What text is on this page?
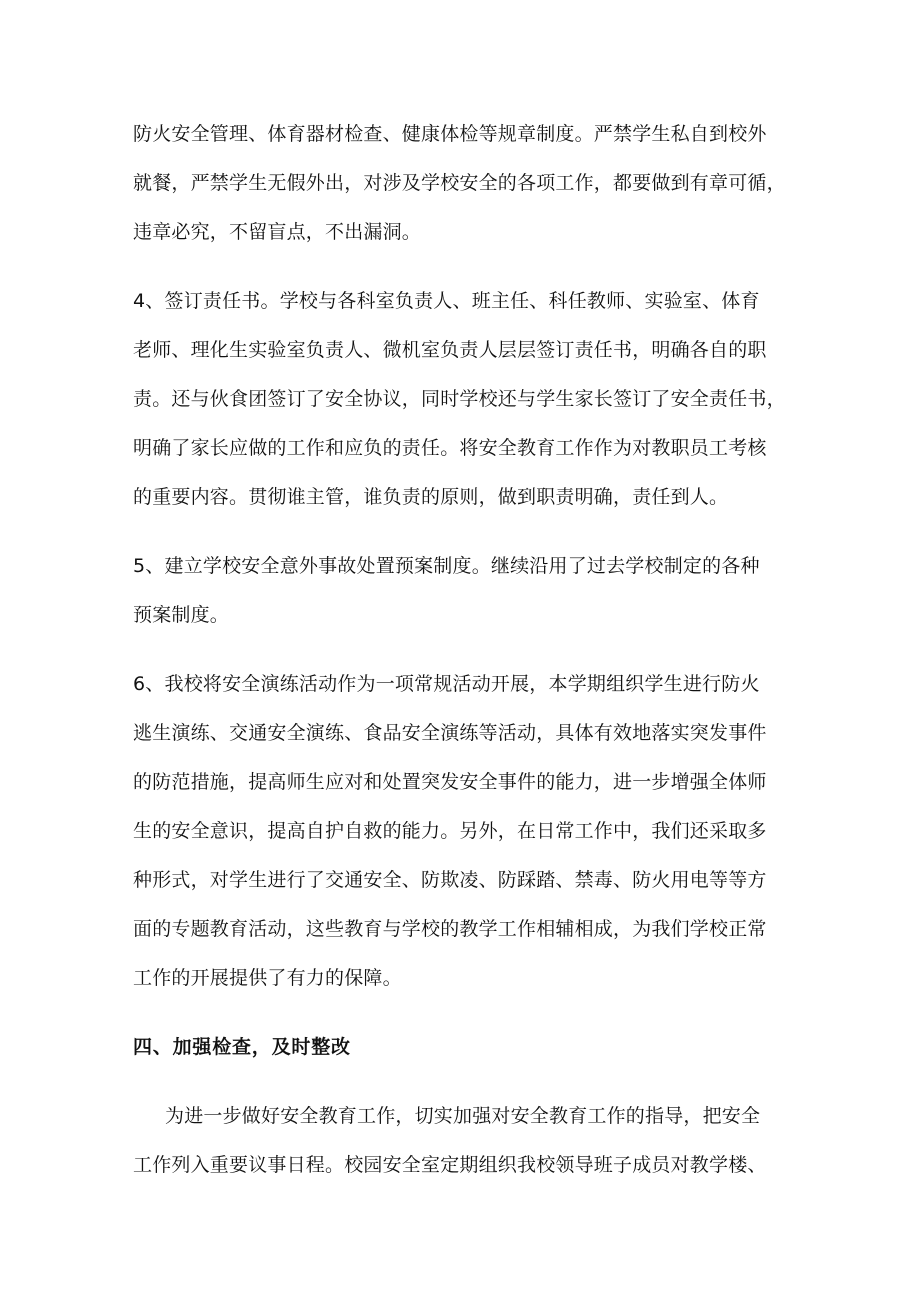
防火安全管理、体育器材检查、健康体检等规章制度。严禁学生私自到校外
就餐，严禁学生无假外出，对涉及学校安全的各项工作，都要做到有章可循，
违章必究，不留盲点，不出漏洞。
4、签订责任书。学校与各科室负责人、班主任、科任教师、实验室、体育
老师、理化生实验室负责人、微机室负责人层层签订责任书，明确各自的职
责。还与伙食团签订了安全协议，同时学校还与学生家长签订了安全责任书，
明确了家长应做的工作和应负的责任。将安全教育工作作为对教职员工考核
的重要内容。贯彻谁主管，谁负责的原则，做到职责明确，责任到人。
5、建立学校安全意外事故处置预案制度。继续沿用了过去学校制定的各种
预案制度。
6、我校将安全演练活动作为一项常规活动开展，本学期组织学生进行防火
逃生演练、交通安全演练、食品安全演练等活动，具体有效地落实突发事件
的防范措施，提高师生应对和处置突发安全事件的能力，进一步增强全体师
生的安全意识，提高自护自救的能力。另外，在日常工作中，我们还采取多
种形式，对学生进行了交通安全、防欺凌、防踩踏、禁毒、防火用电等等方
面的专题教育活动，这些教育与学校的教学工作相辅相成，为我们学校正常
工作的开展提供了有力的保障。
四、加强检查，及时整改
为进一步做好安全教育工作，切实加强对安全教育工作的指导，把安全
工作列入重要议事日程。校园安全室定期组织我校领导班子成员对教学楼、
